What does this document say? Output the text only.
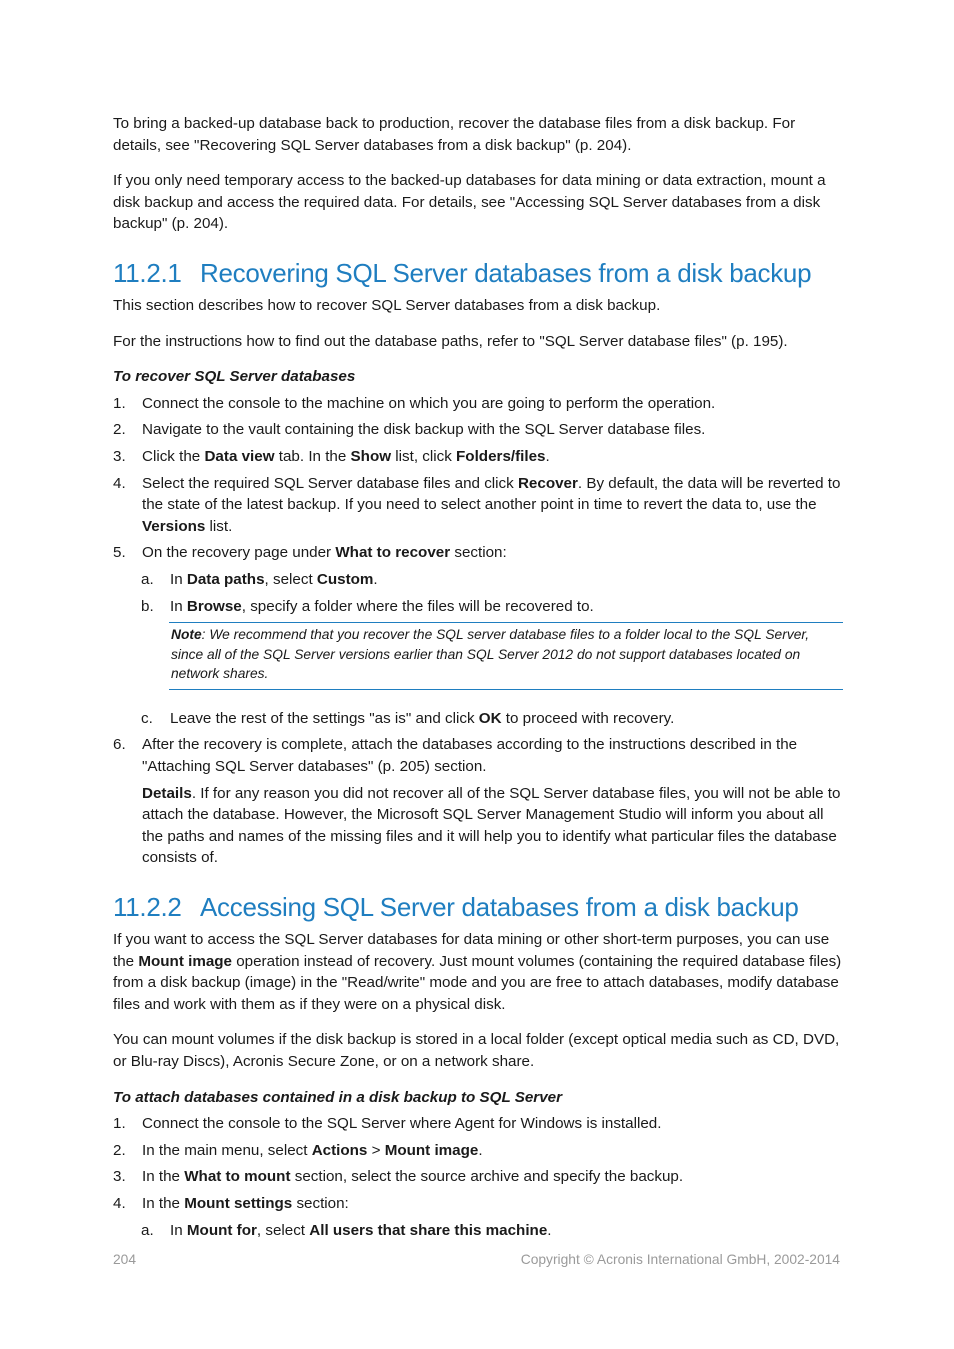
To bring a backed-up database back to production, recover the database files from a disk backup. For details, see "Recovering SQL Server databases from a disk backup" (p. 204).

If you only need temporary access to the backed-up databases for data mining or data extraction, mount a disk backup and access the required data. For details, see "Accessing SQL Server databases from a disk backup" (p. 204).

11.2.1 Recovering SQL Server databases from a disk backup

This section describes how to recover SQL Server databases from a disk backup.

For the instructions how to find out the database paths, refer to "SQL Server database files" (p. 195).

To recover SQL Server databases

1. Connect the console to the machine on which you are going to perform the operation.
2. Navigate to the vault containing the disk backup with the SQL Server database files.
3. Click the Data view tab. In the Show list, click Folders/files.
4. Select the required SQL Server database files and click Recover. By default, the data will be reverted to the state of the latest backup. If you need to select another point in time to revert the data to, use the Versions list.
5. On the recovery page under What to recover section:
a. In Data paths, select Custom.
b. In Browse, specify a folder where the files will be recovered to.
Note: We recommend that you recover the SQL server database files to a folder local to the SQL Server, since all of the SQL Server versions earlier than SQL Server 2012 do not support databases located on network shares.
c. Leave the rest of the settings "as is" and click OK to proceed with recovery.
6. After the recovery is complete, attach the databases according to the instructions described in the "Attaching SQL Server databases" (p. 205) section.

Details. If for any reason you did not recover all of the SQL Server database files, you will not be able to attach the database. However, the Microsoft SQL Server Management Studio will inform you about all the paths and names of the missing files and it will help you to identify what particular files the database consists of.

11.2.2 Accessing SQL Server databases from a disk backup

If you want to access the SQL Server databases for data mining or other short-term purposes, you can use the Mount image operation instead of recovery. Just mount volumes (containing the required database files) from a disk backup (image) in the "Read/write" mode and you are free to attach databases, modify database files and work with them as if they were on a physical disk.

You can mount volumes if the disk backup is stored in a local folder (except optical media such as CD, DVD, or Blu-ray Discs), Acronis Secure Zone, or on a network share.

To attach databases contained in a disk backup to SQL Server

1. Connect the console to the SQL Server where Agent for Windows is installed.
2. In the main menu, select Actions > Mount image.
3. In the What to mount section, select the source archive and specify the backup.
4. In the Mount settings section:
a. In Mount for, select All users that share this machine.
204	Copyright © Acronis International GmbH, 2002-2014
